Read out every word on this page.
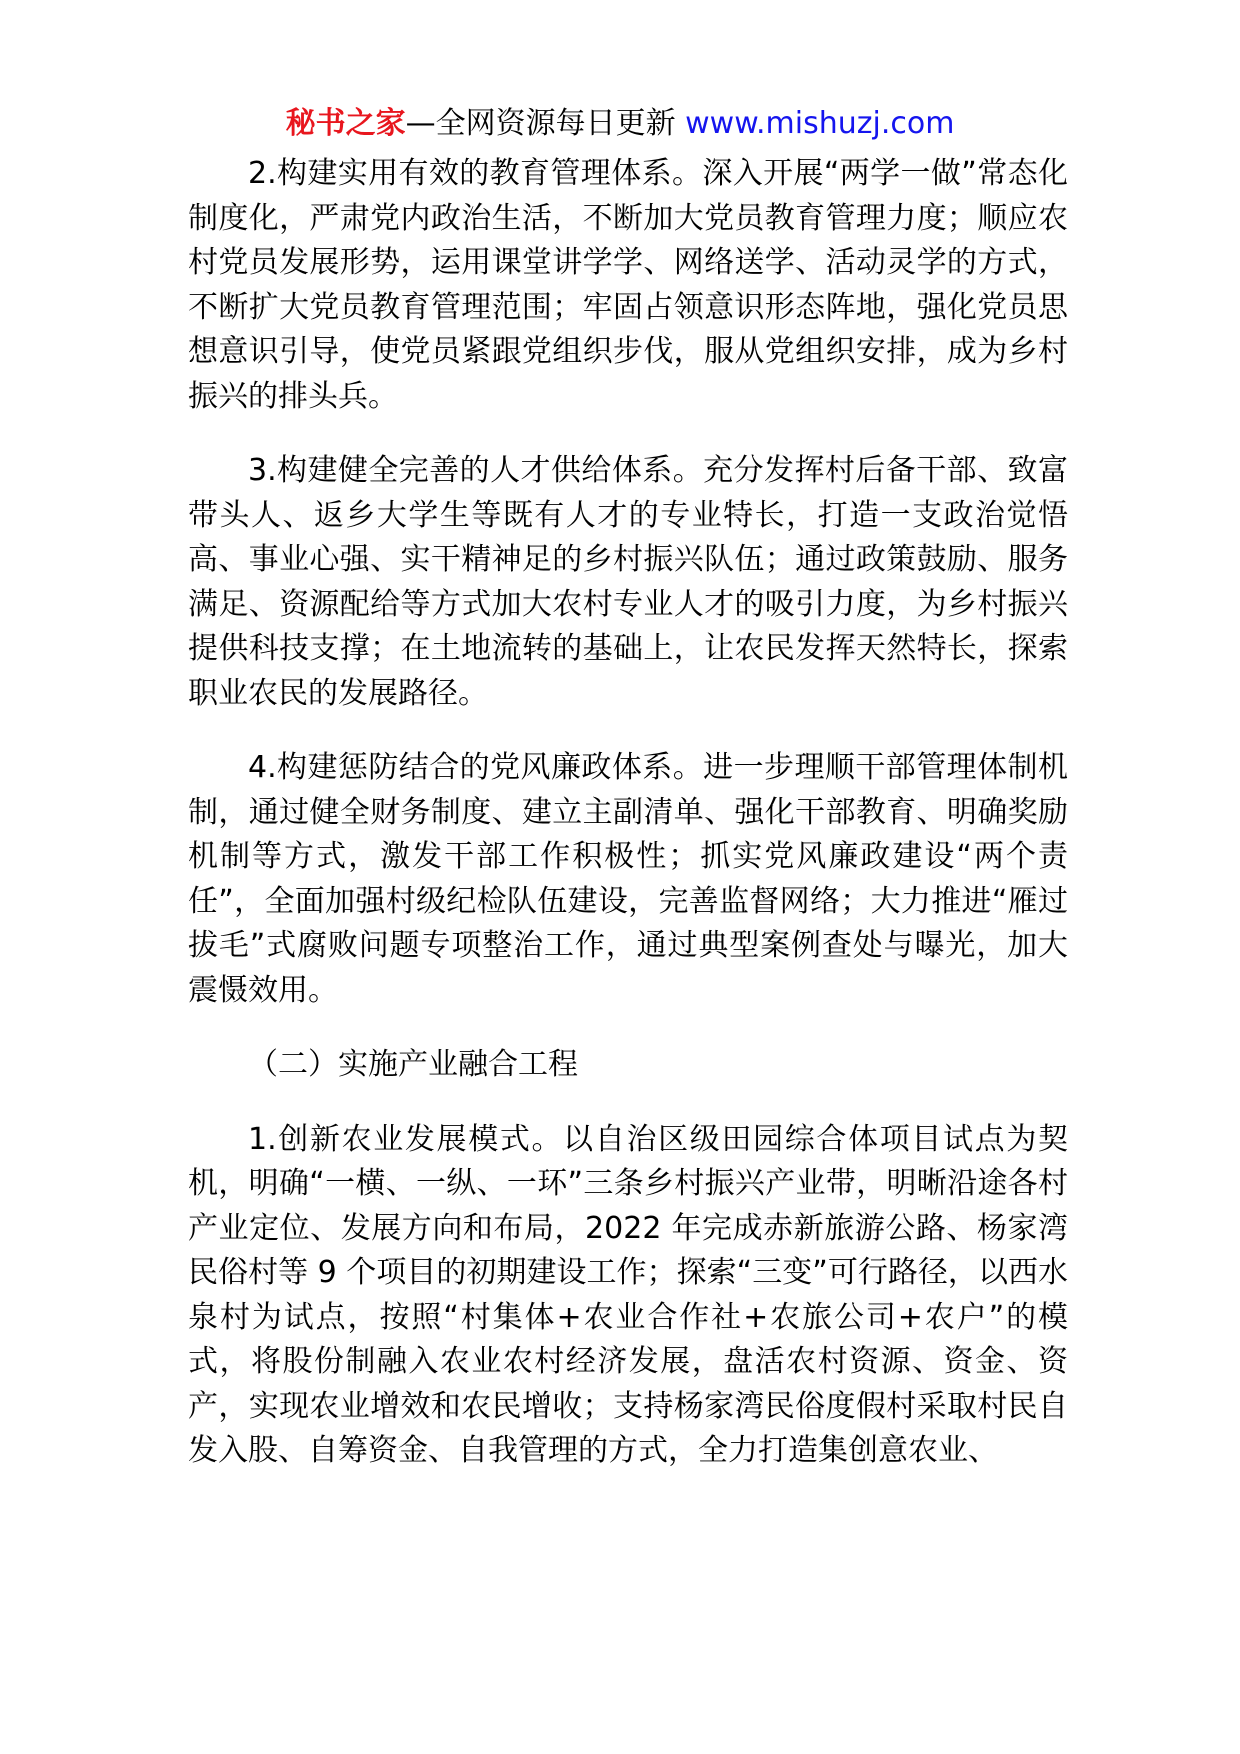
秘书之家—全网资源每日更新 www.mishuzj.com

2.构建实用有效的教育管理体系。深入开展“两学一做”常态化制度化，严肃党内政治生活，不断加大党员教育管理力度；顺应农村党员发展形势，运用课堂讲学学、网络送学、活动灵学的方式，不断扩大党员教育管理范围；牢固占领意识形态阵地，强化党员思想意识引导，使党员紧跟党组织步伐，服从党组织安排，成为乡村振兴的排头兵。

3.构建健全完善的人才供给体系。充分发挥村后备干部、致富带头人、返乡大学生等既有人才的专业特长，打造一支政治觉悟高、事业心强、实干精神足的乡村振兴队伍；通过政策鼓励、服务满足、资源配给等方式加大农村专业人才的吸引力度，为乡村振兴提供科技支撑；在土地流转的基础上，让农民发挥天然特长，探索职业农民的发展路径。

4.构建惩防结合的党风廉政体系。进一步理顺干部管理体制机制，通过健全财务制度、建立主副清单、强化干部教育、明确奖励机制等方式，激发干部工作积极性；抓实党风廉政建设“两个责任”，全面加强村级纪检队伍建设，完善监督网络；大力推进“雁过拔毛”式腐败问题专项整治工作，通过典型案例查处与曝光，加大震慑效用。

（二）实施产业融合工程

1.创新农业发展模式。以自治区级田园综合体项目试点为契机，明确“一横、一纵、一环”三条乡村振兴产业带，明晰沿途各村产业定位、发展方向和布局，2022 年完成赤新旅游公路、杨家湾民俗村等 9 个项目的初期建设工作；探索“三变”可行路径，以西水泉村为试点，按照“村集体+农业合作社+农旅公司+农户”的模式，将股份制融入农业农村经济发展，盘活农村资源、资金、资产，实现农业增效和农民增收；支持杨家湾民俗度假村采取村民自发入股、自筹资金、自我管理的方式，全力打造集创意农业、
